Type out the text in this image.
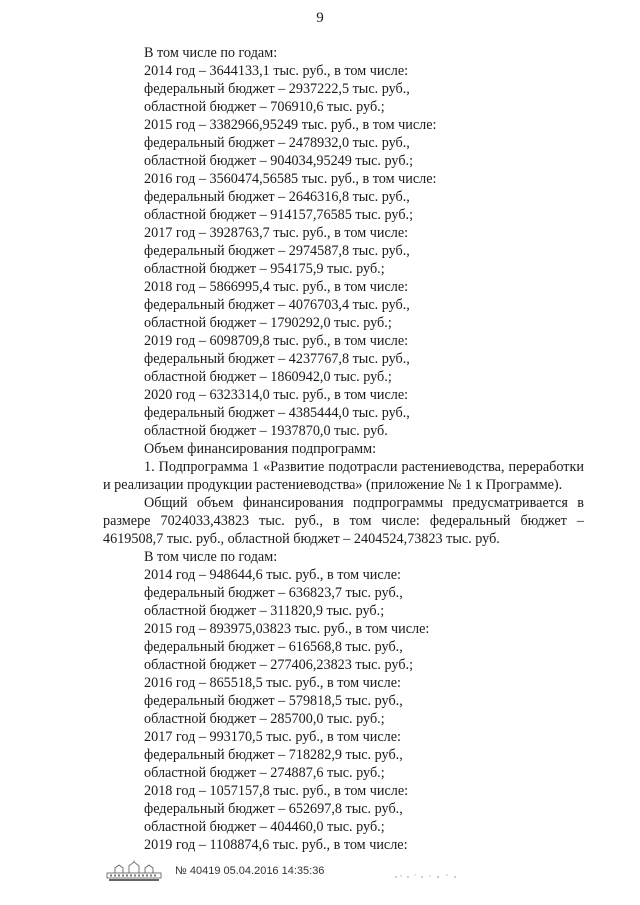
9
В том числе по годам:
2014 год – 3644133,1 тыс. руб., в том числе:
федеральный бюджет – 2937222,5 тыс. руб.,
областной бюджет – 706910,6 тыс. руб.;
2015 год – 3382966,95249 тыс. руб., в том числе:
федеральный бюджет – 2478932,0 тыс. руб.,
областной бюджет – 904034,95249 тыс. руб.;
2016 год – 3560474,56585 тыс. руб., в том числе:
федеральный бюджет – 2646316,8 тыс. руб.,
областной бюджет – 914157,76585 тыс. руб.;
2017 год – 3928763,7 тыс. руб., в том числе:
федеральный бюджет – 2974587,8 тыс. руб.,
областной бюджет – 954175,9 тыс. руб.;
2018 год – 5866995,4 тыс. руб., в том числе:
федеральный бюджет – 4076703,4 тыс. руб.,
областной бюджет – 1790292,0 тыс. руб.;
2019 год – 6098709,8 тыс. руб., в том числе:
федеральный бюджет – 4237767,8 тыс. руб.,
областной бюджет – 1860942,0 тыс. руб.;
2020 год – 6323314,0 тыс. руб., в том числе:
федеральный бюджет – 4385444,0 тыс. руб.,
областной бюджет – 1937870,0 тыс. руб.
Объем финансирования подпрограмм:
1. Подпрограмма 1 «Развитие подотрасли растениеводства, переработки
и реализации продукции растениеводства» (приложение № 1 к Программе).
Общий объем финансирования подпрограммы предусматривается в
размере 7024033,43823 тыс. руб., в том числе: федеральный бюджет –
4619508,7 тыс. руб., областной бюджет – 2404524,73823 тыс. руб.
В том числе по годам:
2014 год – 948644,6 тыс. руб., в том числе:
федеральный бюджет – 636823,7 тыс. руб.,
областной бюджет – 311820,9 тыс. руб.;
2015 год – 893975,03823 тыс. руб., в том числе:
федеральный бюджет – 616568,8 тыс. руб.,
областной бюджет – 277406,23823 тыс. руб.;
2016 год – 865518,5 тыс. руб., в том числе:
федеральный бюджет – 579818,5 тыс. руб.,
областной бюджет – 285700,0 тыс. руб.;
2017 год – 993170,5 тыс. руб., в том числе:
федеральный бюджет – 718282,9 тыс. руб.,
областной бюджет – 274887,6 тыс. руб.;
2018 год – 1057157,8 тыс. руб., в том числе:
федеральный бюджет – 652697,8 тыс. руб.,
областной бюджет – 404460,0 тыс. руб.;
2019 год – 1108874,6 тыс. руб., в том числе:
№ 40419 05.04.2016 14:35:36
